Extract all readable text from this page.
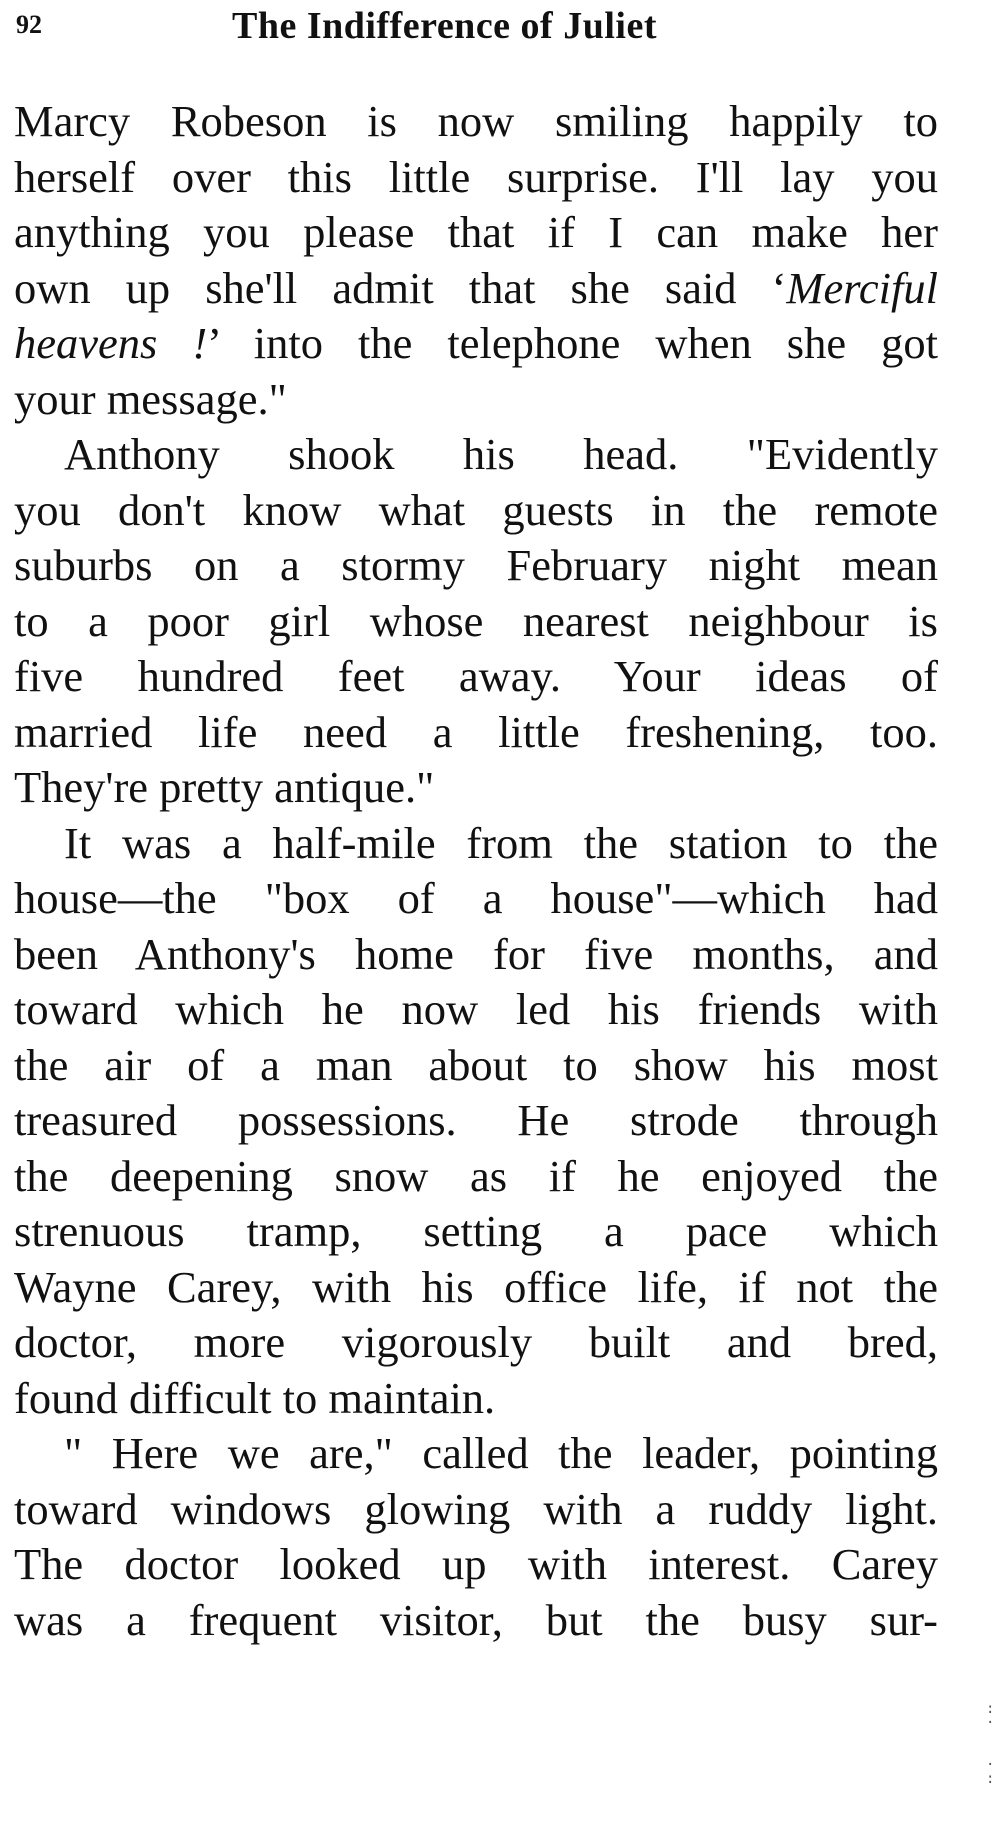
92	The Indifference of Juliet
Marcy Robeson is now smiling happily to
herself over this little surprise. I'll lay you
anything you please that if I can make her
own up she'll admit that she said ‘Merciful
heavens !’ into the telephone when she got
your message."
Anthony shook his head. "Evidently
you don't know what guests in the remote
suburbs on a stormy February night mean
to a poor girl whose nearest neighbour is
five hundred feet away. Your ideas of
married life need a little freshening, too.
They're pretty antique."
It was a half-mile from the station to the
house—the "box of a house"—which had
been Anthony's home for five months, and
toward which he now led his friends with
the air of a man about to show his most
treasured possessions. He strode through
the deepening snow as if he enjoyed the
strenuous tramp, setting a pace which
Wayne Carey, with his office life, if not the
doctor, more vigorously built and bred,
found difficult to maintain.
" Here we are," called the leader, pointing
toward windows glowing with a ruddy light.
The doctor looked up with interest. Carey
was a frequent visitor, but the busy sur-
:
·

·
:
